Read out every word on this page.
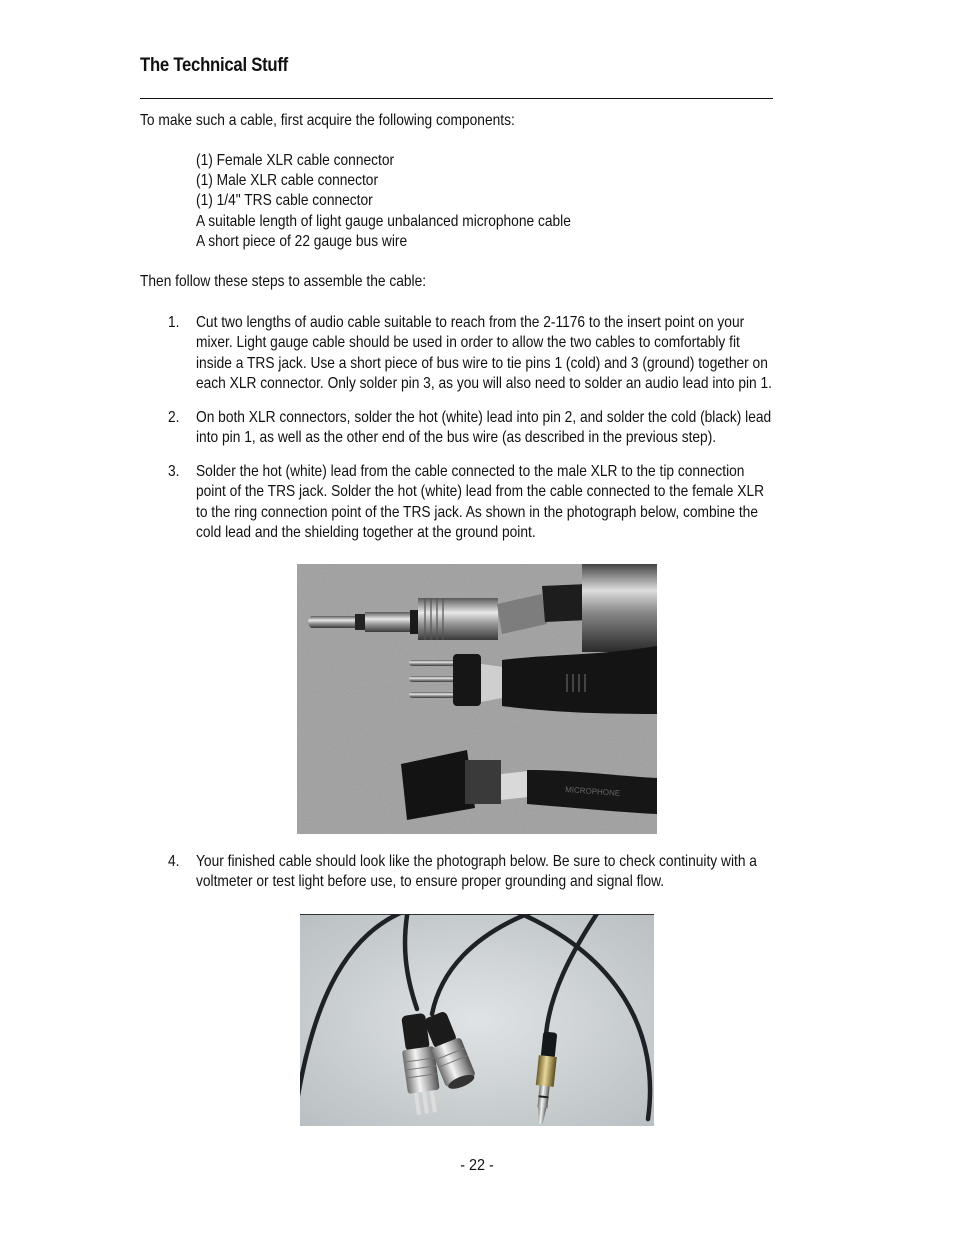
The Technical Stuff
To make such a cable, first acquire the following components:
(1) Female XLR cable connector
(1) Male XLR cable connector
(1) 1/4" TRS cable connector
A suitable length of light gauge unbalanced microphone cable
A short piece of 22 gauge bus wire
Then follow these steps to assemble the cable:
1. Cut two lengths of audio cable suitable to reach from the 2-1176 to the insert point on your
mixer. Light gauge cable should be used in order to allow the two cables to comfortably fit
inside a TRS jack. Use a short piece of bus wire to tie pins 1 (cold) and 3 (ground) together on
each XLR connector. Only solder pin 3, as you will also need to solder an audio lead into pin 1.
2. On both XLR connectors, solder the hot (white) lead into pin 2, and solder the cold (black) lead
into pin 1, as well as the other end of the bus wire (as described in the previous step).
3. Solder the hot (white) lead from the cable connected to the male XLR to the tip connection
point of the TRS jack. Solder the hot (white) lead from the cable connected to the female XLR
to the ring connection point of the TRS jack. As shown in the photograph below, combine the
cold lead and the shielding together at the ground point.
MICROPHONE
4. Your finished cable should look like the photograph below. Be sure to check continuity with a
voltmeter or test light before use, to ensure proper grounding and signal flow.
- 22 -
